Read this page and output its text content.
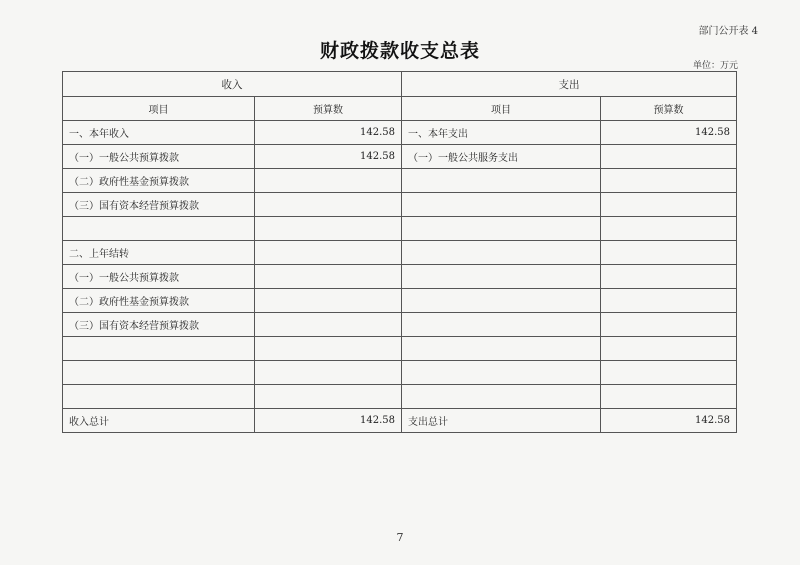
部门公开表 4
财政拨款收支总表
单位：万元
收入		支出	
项目	预算数	项目	预算数
一、本年收入	142.58	一、本年支出	142.58
（一）一般公共预算拨款	142.58	（一）一般公共服务支出	
（二）政府性基金预算拨款			
（三）国有资本经营预算拨款			

二、上年结转			
（一）一般公共预算拨款			
（二）政府性基金预算拨款			
（三）国有资本经营预算拨款			

收入总计	142.58	支出总计	142.58
7
